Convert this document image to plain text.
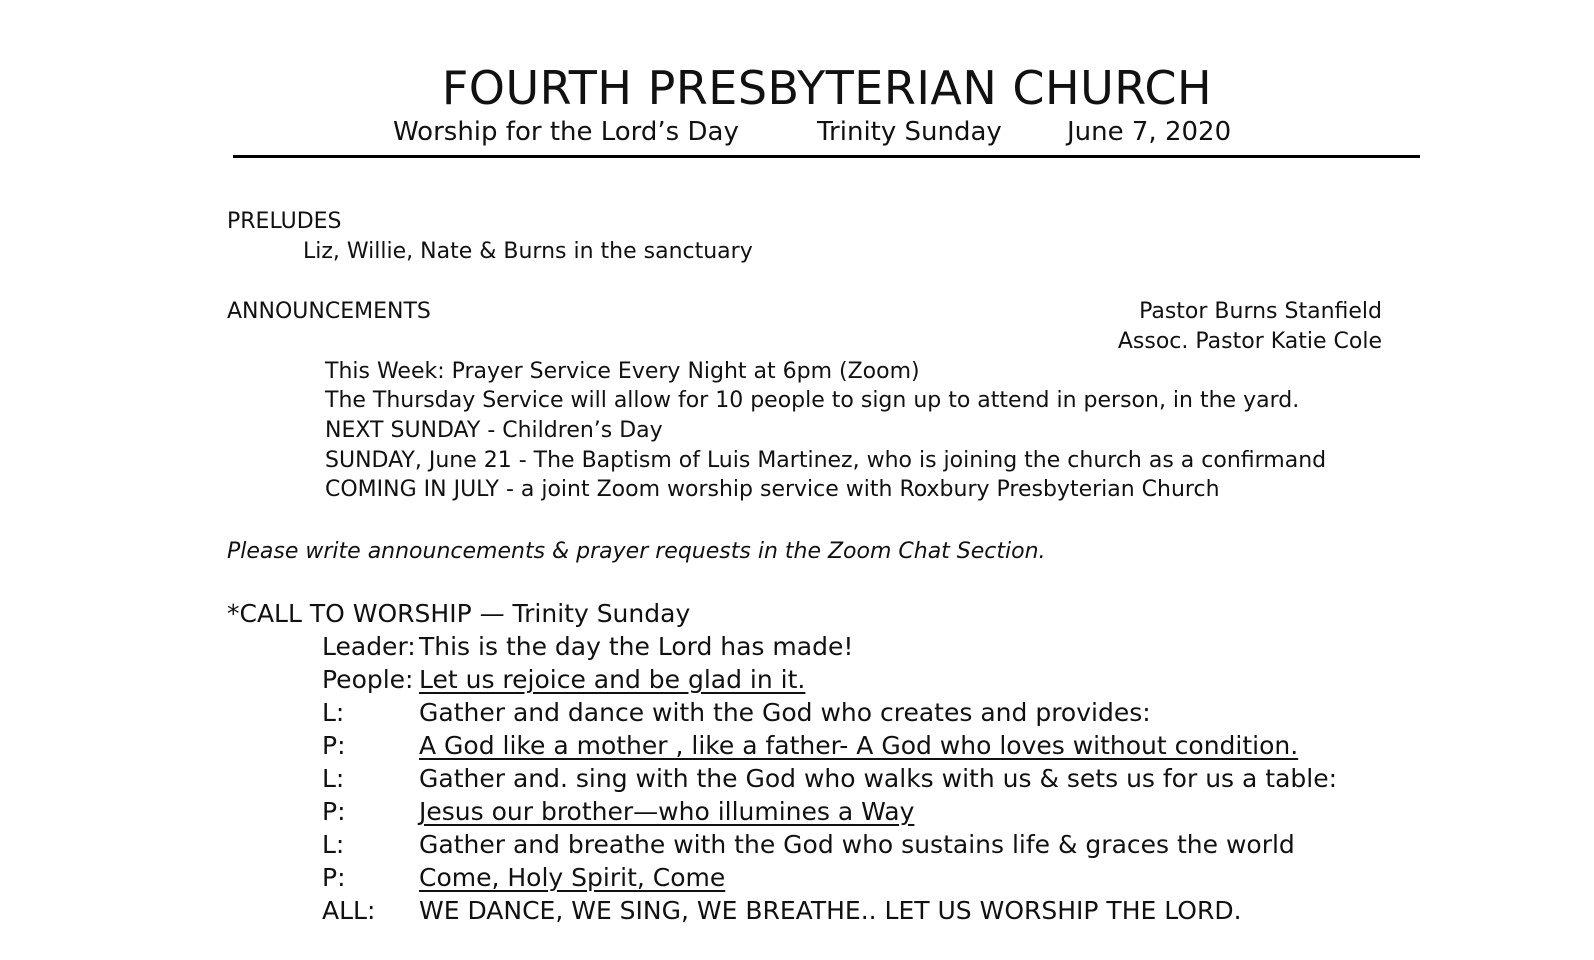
FOURTH PRESBYTERIAN CHURCH
Worship for the Lord’s Day	Trinity Sunday	June 7, 2020
PRELUDES
Liz, Willie, Nate & Burns in the sanctuary
ANNOUNCEMENTS	Pastor Burns Stanfield
Assoc. Pastor Katie Cole
This Week: Prayer Service Every Night at 6pm (Zoom)
The Thursday Service will allow for 10 people to sign up to attend in person, in the yard.
NEXT SUNDAY - Children’s Day
SUNDAY, June 21 - The Baptism of Luis Martinez, who is joining the church as a confirmand
COMING IN JULY - a joint Zoom worship service with Roxbury Presbyterian Church
Please write announcements & prayer requests in the Zoom Chat Section.
*CALL TO WORSHIP — Trinity Sunday
Leader: This is the day the Lord has made!
People: Let us rejoice and be glad in it.
L:	Gather and dance with the God who creates and provides:
P:	A God like a mother , like a father- A God who loves without condition.
L:	Gather and. sing with the God who walks with us & sets us for us a table:
P:	Jesus our brother—who illumines a Way
L:	Gather and breathe with the God who sustains life & graces the world
P:	Come, Holy Spirit, Come
ALL: WE DANCE, WE SING, WE BREATHE.. LET US WORSHIP THE LORD.
